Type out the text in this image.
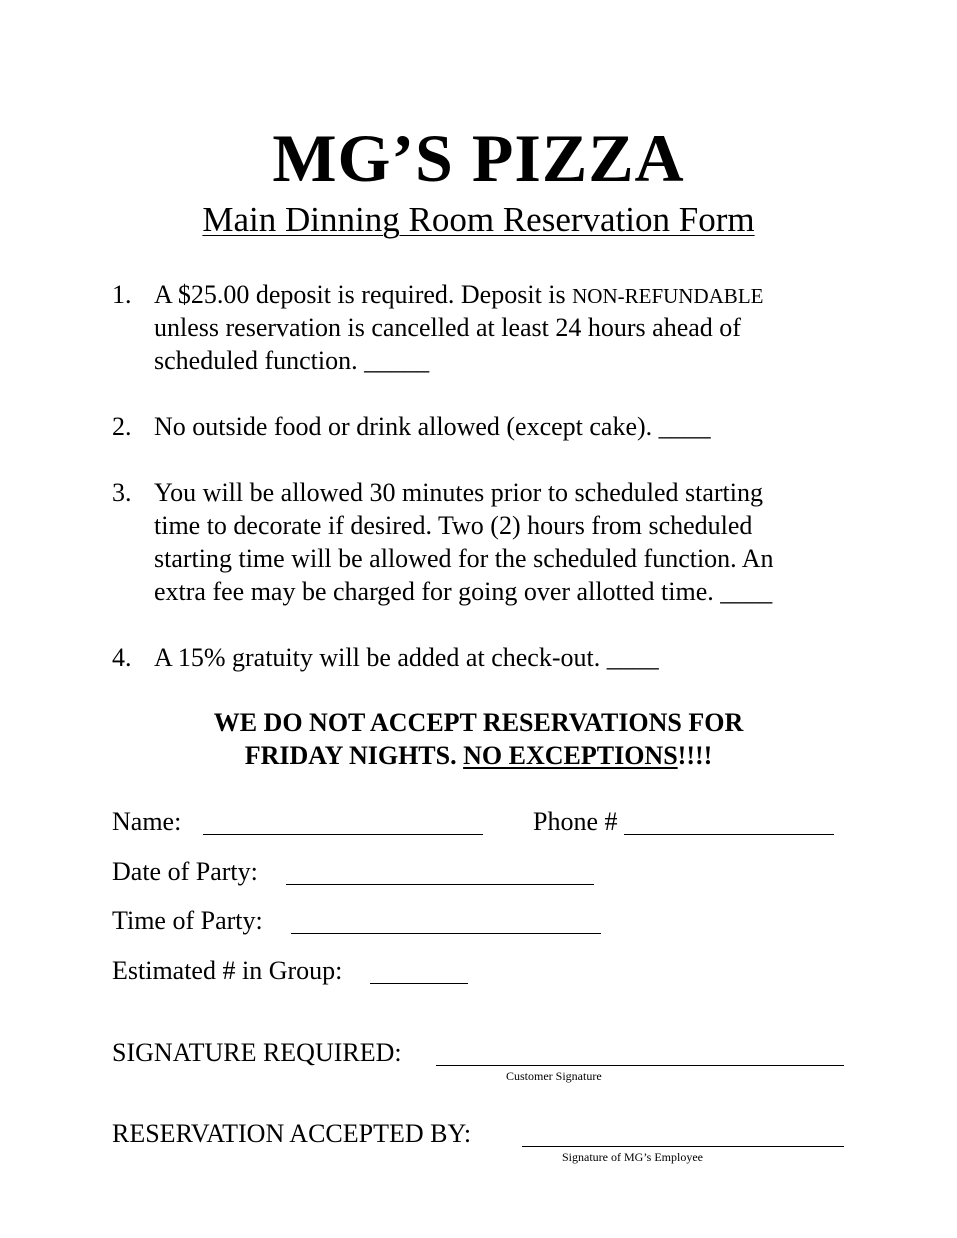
MG’S PIZZA
Main Dinning Room Reservation Form
1. A $25.00 deposit is required. Deposit is NON-REFUNDABLE
unless reservation is cancelled at least 24 hours ahead of
scheduled function. _____
2. No outside food or drink allowed (except cake). ____
3. You will be allowed 30 minutes prior to scheduled starting
time to decorate if desired. Two (2) hours from scheduled
starting time will be allowed for the scheduled function. An
extra fee may be charged for going over allotted time. ____
4. A 15% gratuity will be added at check-out. ____
WE DO NOT ACCEPT RESERVATIONS FOR
FRIDAY NIGHTS. NO EXCEPTIONS!!!!
Name:	Phone #
Date of Party:
Time of Party:
Estimated # in Group:
SIGNATURE REQUIRED:
Customer Signature
RESERVATION ACCEPTED BY:
Signature of MG’s Employee
